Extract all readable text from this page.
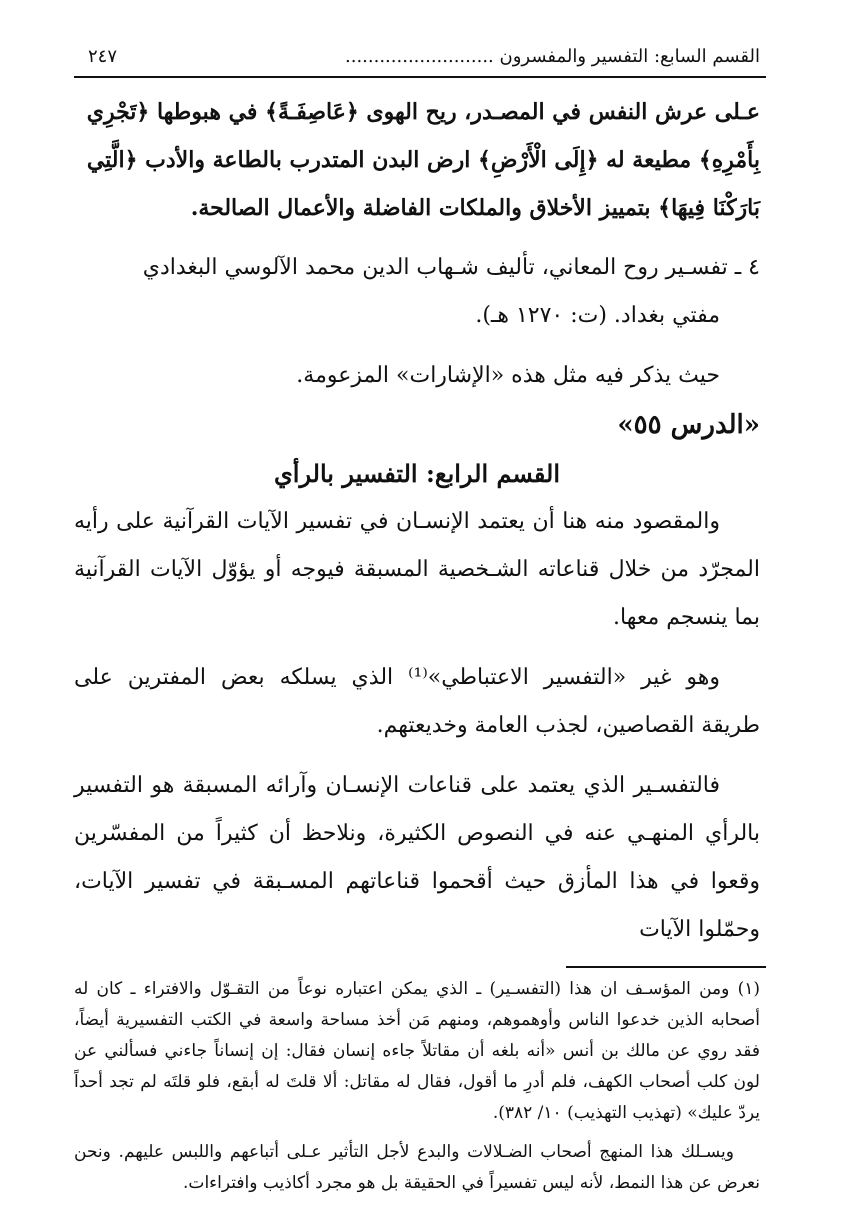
القسم السابع: التفسير والمفسرون ..........................
٢٤٧

عـلى عرش النفس في المصـدر، ريح الهوى ﴿عَاصِفَـةً﴾ في هبوطها ﴿تَجْرِي

بِأَمْرِهِ﴾ مطيعة له ﴿إِلَى الْأَرْضِ﴾ ارض البدن المتدرب بالطاعة والأدب ﴿الَّتِي

بَارَكْنَا فِيهَا﴾ بتمييز الأخلاق والملكات الفاضلة والأعمال الصالحة.

٤ ـ تفسـير روح المعاني، تأليف شـهاب الدين محمد الآلوسي البغدادي

مفتي بغداد. (ت: ١٢٧٠ هـ).

حيث يذكر فيه مثل هذه «الإشارات» المزعومة.

«الدرس ٥٥»

القسم الرابع: التفسير بالرأي

والمقصود منه هنا أن يعتمد الإنسـان في تفسير الآيات القرآنية على رأيه المجرّد من خلال قناعاته الشـخصية المسبقة فيوجه أو يؤوّل الآيات القرآنية بما ينسجم معها.

وهو غير «التفسير الاعتباطي»⁽¹⁾ الذي يسلكه بعض المفترين على طريقة القصاصين، لجذب العامة وخديعتهم.

فالتفسـير الذي يعتمد على قناعات الإنسـان وآرائه المسبقة هو التفسير بالرأي المنهـي عنه في النصوص الكثيرة، ونلاحظ أن كثيراً من المفسّرين وقعوا في هذا المأزق حيث أقحموا قناعاتهم المسـبقة في تفسير الآيات، وحمّلوا الآيات

(١) ومن المؤسـف ان هذا (التفسـير) ـ الذي يمكن اعتباره نوعاً من التقـوّل والافتراء ـ كان له أصحابه الذين خدعوا الناس وأوهموهم، ومنهم مَن أخذ مساحة واسعة في الكتب التفسيرية أيضاً، فقد روي عن مالك بن أنس «أنه بلغه أن مقاتلاً جاءه إنسان فقال: إن إنساناً جاءني فسألني عن لون كلب أصحاب الكهف، فلم أدرِ ما أقول، فقال له مقاتل: ألا قلتَ له أبقع، فلو قلتَه لم تجد أحداً يردّ عليك» (تهذيب التهذيب) ١٠/ ٣٨٢).

ويسـلك هذا المنهج أصحاب الضـلالات والبدع لأجل التأثير عـلى أتباعهم واللبس عليهم. ونحن نعرض عن هذا النمط، لأنه ليس تفسيراً في الحقيقة بل هو مجرد أكاذيب وافتراءات.
